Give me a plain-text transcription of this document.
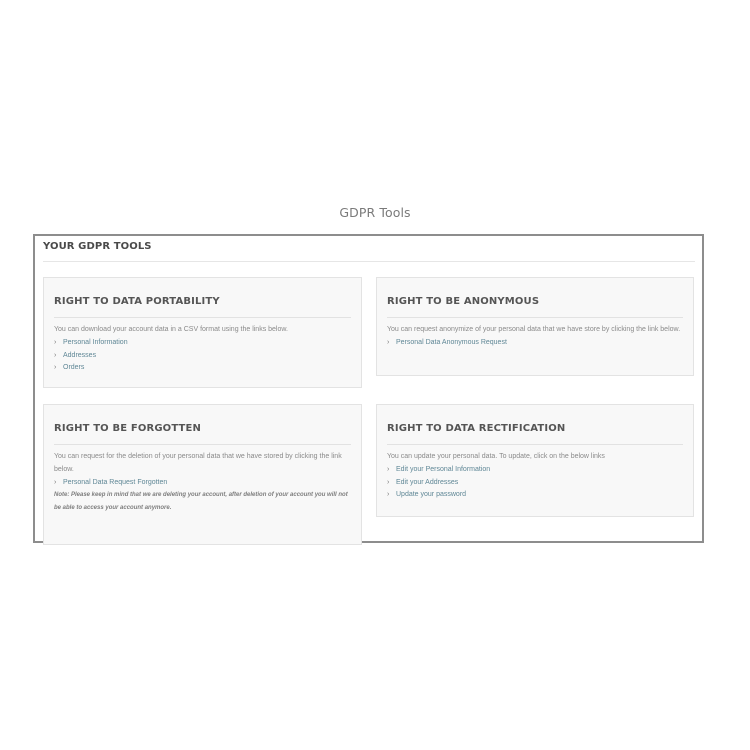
GDPR Tools
YOUR GDPR TOOLS
RIGHT TO DATA PORTABILITY

You can download your account data in a CSV format using the links below.

› Personal Information
› Addresses
› Orders
RIGHT TO BE ANONYMOUS

You can request anonymize of your personal data that we have store by clicking the link below.

› Personal Data Anonymous Request
RIGHT TO BE FORGOTTEN

You can request for the deletion of your personal data that we have stored by clicking the link below.

› Personal Data Request Forgotten

Note: Please keep in mind that we are deleting your account, after deletion of your account you will not be able to access your account anymore.

RIGHT TO DATA RECTIFICATION

You can update your personal data. To update, click on the below links

› Edit your Personal Information
› Edit your Addresses
› Update your password
